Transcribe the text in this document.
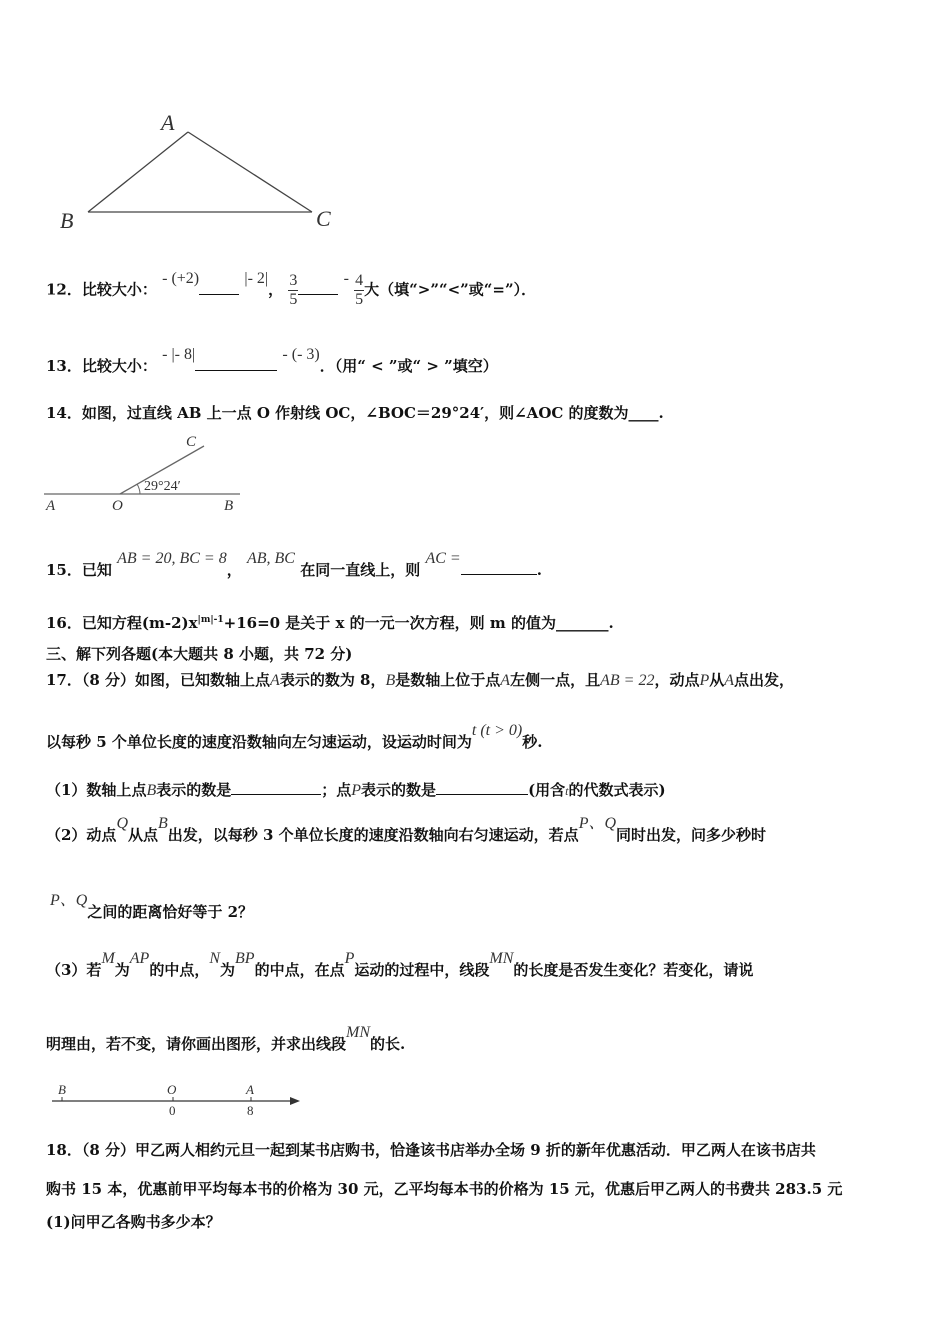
A
B	C
12．比较大小： - (+2)	|- 2|， $\frac{3}{5}$	- $\frac{4}{5}$ 大（填“>”“<”或“=”）．
13．比较大小： - |- 8|	- (- 3)．（用“ < ”或“ > ”填空）
14．如图，过直线 AB 上一点 O 作射线 OC，∠BOC＝29°24′，则∠AOC 的度数为____.
C
29°24′
A	O	B
15．已知 AB = 20, BC = 8， AB, BC 在同一直线上，则 AC =.
16．已知方程$(m-2)x^{|m|-1}+16=0$ 是关于 x 的一元一次方程，则 m 的值为_______.
三、解下列各题(本大题共 8 小题，共 72 分)
17．（8 分）如图，已知数轴上点A表示的数为 8，B是数轴上位于点A左侧一点，且AB = 22，动点P从A点出发，
以每秒 5 个单位长度的速度沿数轴向左匀速运动，设运动时间为t (t > 0)秒.
（1）数轴上点B表示的数是	；点P表示的数是	(用含t的代数式表示)
（2）动点Q从点B出发，以每秒 3 个单位长度的速度沿数轴向右匀速运动，若点P、Q同时出发，问多少秒时
P、Q之间的距离恰好等于 2？
（3）若M为AP的中点，N为BP的中点，在点P运动的过程中，线段MN的长度是否发生变化？若变化，请说
明理由，若不变，请你画出图形，并求出线段MN的长.
B	O	A
0	8
18．（8 分）甲乙两人相约元旦一起到某书店购书，恰逢该书店举办全场 9 折的新年优惠活动．甲乙两人在该书店共
购书 15 本，优惠前甲平均每本书的价格为 30 元，乙平均每本书的价格为 15 元，优惠后甲乙两人的书费共 283.5 元
(1)问甲乙各购书多少本？
